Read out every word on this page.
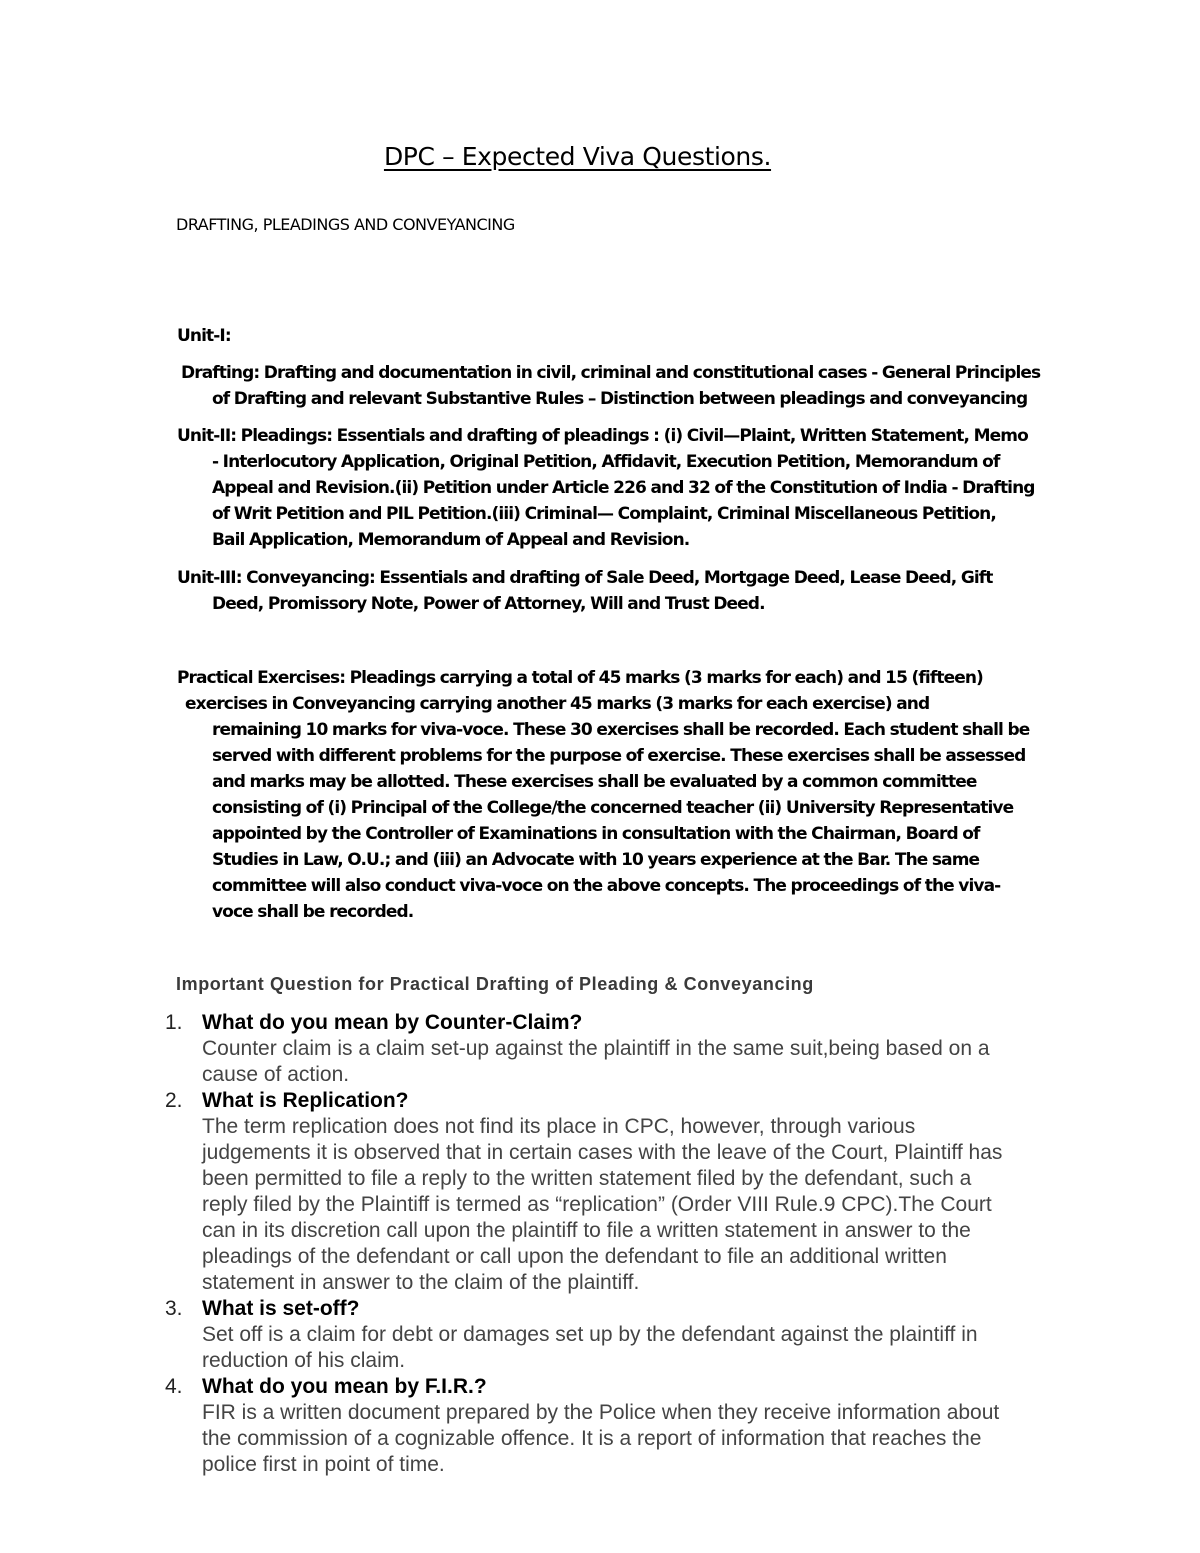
DPC – Expected Viva Questions.
DRAFTING, PLEADINGS AND CONVEYANCING
Unit-I:
Drafting: Drafting and documentation in civil, criminal and constitutional cases - General Principles
of Drafting and relevant Substantive Rules – Distinction between pleadings and conveyancing
Unit-II: Pleadings: Essentials and drafting of pleadings : (i) Civil—Plaint, Written Statement, Memo
- Interlocutory Application, Original Petition, Affidavit, Execution Petition, Memorandum of
Appeal and Revision.(ii) Petition under Article 226 and 32 of the Constitution of India - Drafting
of Writ Petition and PIL Petition.(iii) Criminal— Complaint, Criminal Miscellaneous Petition,
Bail Application, Memorandum of Appeal and Revision.
Unit-III: Conveyancing: Essentials and drafting of Sale Deed, Mortgage Deed, Lease Deed, Gift
Deed, Promissory Note, Power of Attorney, Will and Trust Deed.
Practical Exercises: Pleadings carrying a total of 45 marks (3 marks for each) and 15 (fifteen)
exercises in Conveyancing carrying another 45 marks (3 marks for each exercise) and
remaining 10 marks for viva-voce. These 30 exercises shall be recorded. Each student shall be
served with different problems for the purpose of exercise. These exercises shall be assessed
and marks may be allotted. These exercises shall be evaluated by a common committee
consisting of (i) Principal of the College/the concerned teacher (ii) University Representative
appointed by the Controller of Examinations in consultation with the Chairman, Board of
Studies in Law, O.U.; and (iii) an Advocate with 10 years experience at the Bar. The same
committee will also conduct viva-voce on the above concepts. The proceedings of the viva-
voce shall be recorded.
Important Question for Practical Drafting of Pleading & Conveyancing
1. What do you mean by Counter-Claim?
Counter claim is a claim set-up against the plaintiff in the same suit,being based on a
cause of action.
2. What is Replication?
The term replication does not find its place in CPC, however, through various
judgements it is observed that in certain cases with the leave of the Court, Plaintiff has
been permitted to file a reply to the written statement filed by the defendant, such a
reply filed by the Plaintiff is termed as “replication” (Order VIII Rule.9 CPC).The Court
can in its discretion call upon the plaintiff to file a written statement in answer to the
pleadings of the defendant or call upon the defendant to file an additional written
statement in answer to the claim of the plaintiff.
3. What is set-off?
Set off is a claim for debt or damages set up by the defendant against the plaintiff in
reduction of his claim.
4. What do you mean by F.I.R.?
FIR is a written document prepared by the Police when they receive information about
the commission of a cognizable offence. It is a report of information that reaches the
police first in point of time.
